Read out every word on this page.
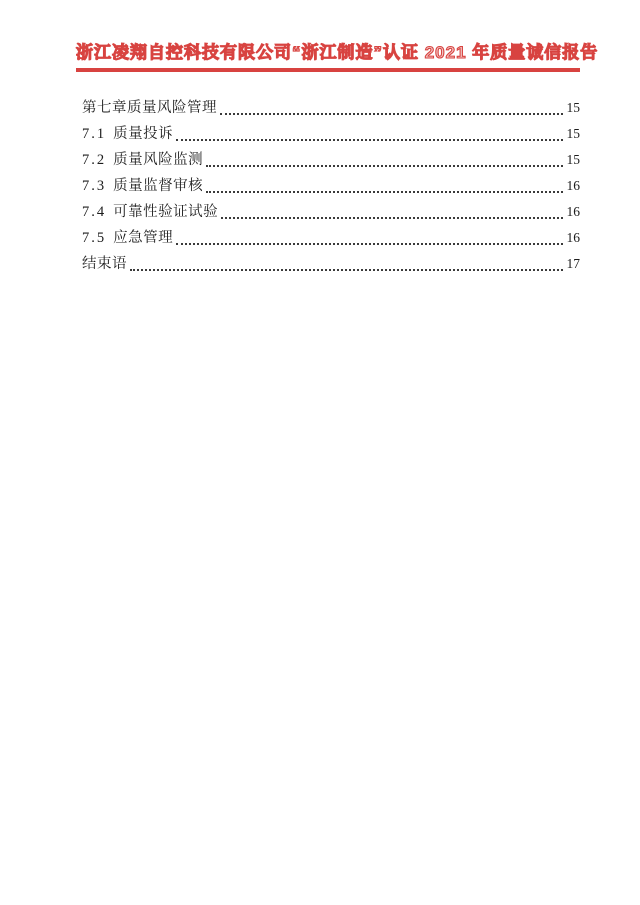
浙江凌翔自控科技有限公司 “浙江制造”认证 2021 年质量诚信报告
第七章质量风险管理	15
7.1 质量投诉	15
7.2 质量风险监测	15
7.3 质量监督审核	16
7.4 可靠性验证试验	16
7.5 应急管理	16
结束语	17
